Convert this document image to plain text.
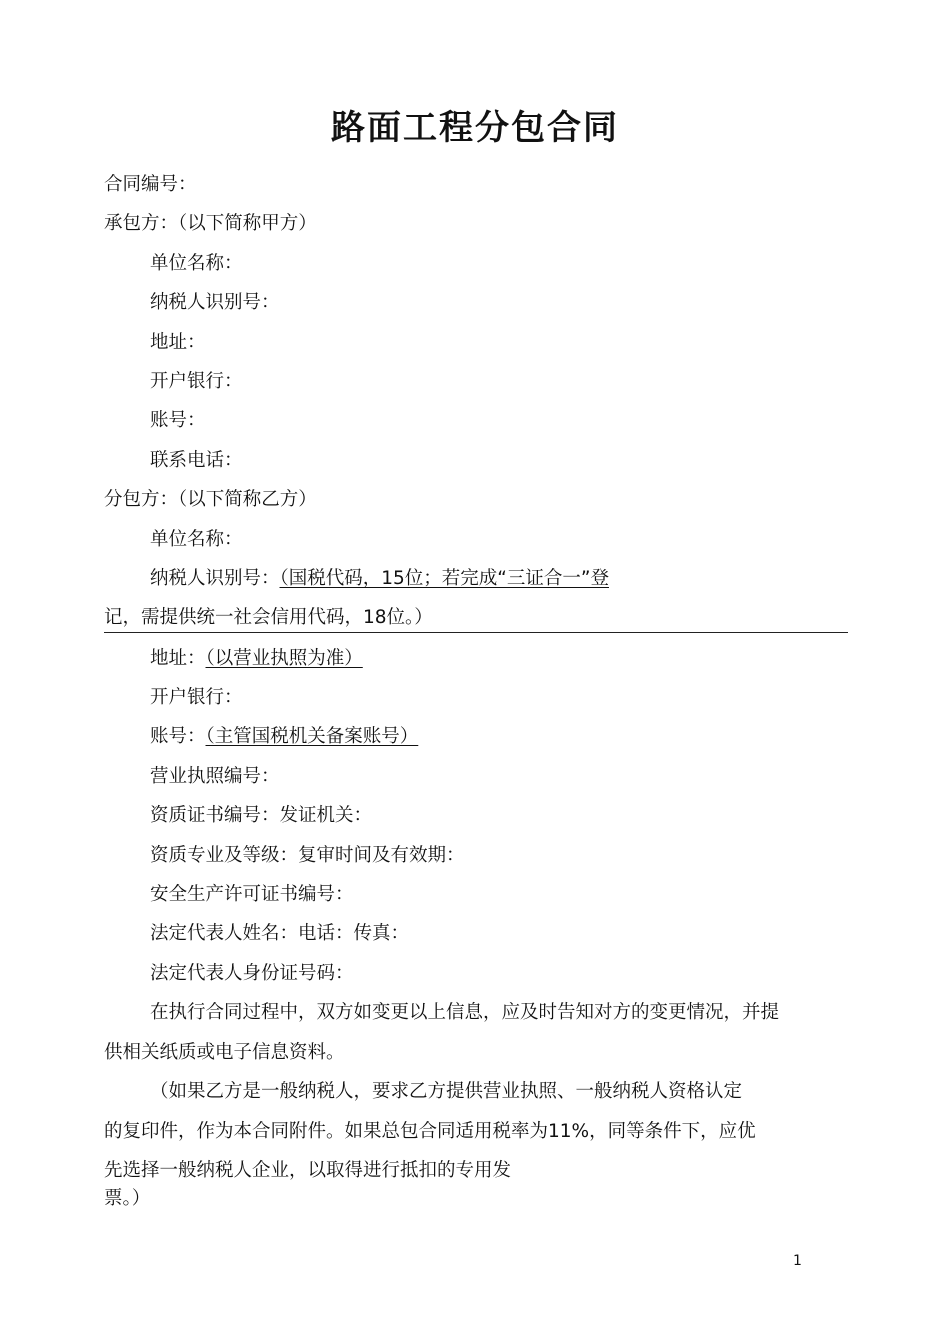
路面工程分包合同
合同编号：
承包方：（以下简称甲方）
单位名称：
纳税人识别号：
地址：
开户银行：
账号：
联系电话：
分包方：（以下简称乙方）
单位名称：
纳税人识别号：（国税代码，15位；若完成“三证合一”登
记，需提供统一社会信用代码，18位。）
地址：（以营业执照为准）
开户银行：
账号：（主管国税机关备案账号）
营业执照编号：
资质证书编号：发证机关：
资质专业及等级：复审时间及有效期：
安全生产许可证书编号：
法定代表人姓名：电话：传真：
法定代表人身份证号码：
在执行合同过程中，双方如变更以上信息，应及时告知对方的变更情况，并提
供相关纸质或电子信息资料。
（如果乙方是一般纳税人，要求乙方提供营业执照、一般纳税人资格认定
的复印件，作为本合同附件。如果总包合同适用税率为11%，同等条件下，应优
先选择一般纳税人企业，以取得进行抵扣的专用发
票。）
1
